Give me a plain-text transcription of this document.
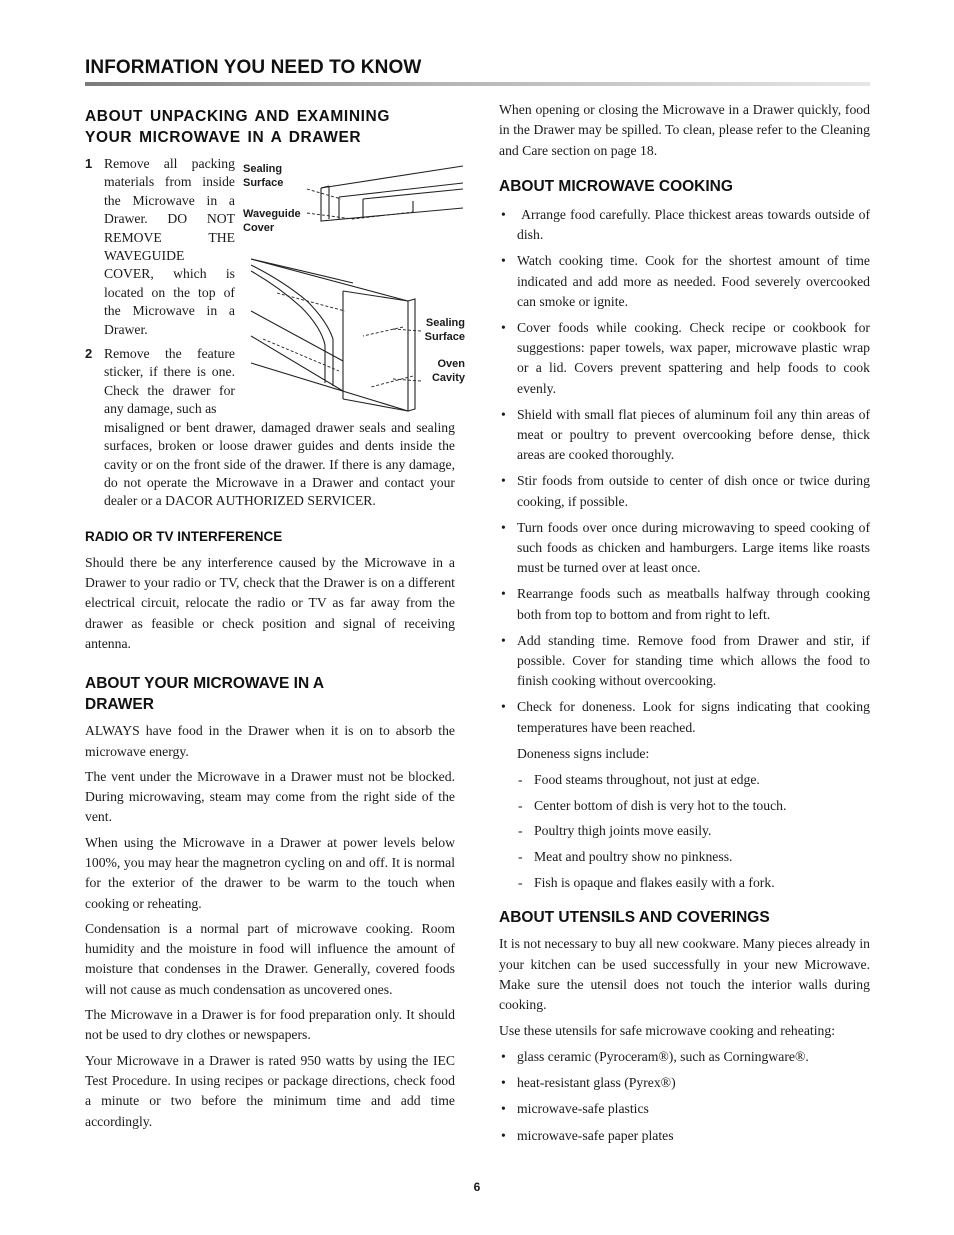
INFORMATION YOU NEED TO KNOW
ABOUT UNPACKING AND EXAMINING
YOUR MICROWAVE IN A DRAWER
1 Remove all packing materials from inside the Microwave in a Drawer. DO NOT REMOVE THE WAVEGUIDE COVER, which is located on the top of the Microwave in a Drawer.
2 Remove the feature sticker, if there is one. Check the drawer for any damage, such as
misaligned or bent drawer, damaged drawer seals and sealing surfaces, broken or loose drawer guides and dents inside the cavity or on the front side of the drawer. If there is any damage, do not operate the Microwave in a Drawer and contact your dealer or a DACOR AUTHORIZED SERVICER.
Sealing
Surface
Waveguide
Cover
Sealing
Surface
Oven
Cavity
RADIO OR TV INTERFERENCE

Should there be any interference caused by the Microwave in a Drawer to your radio or TV, check that the Drawer is on a different electrical circuit, relocate the radio or TV as far away from the drawer as feasible or check position and signal of receiving antenna.

ABOUT YOUR MICROWAVE IN A
DRAWER

ALWAYS have food in the Drawer when it is on to absorb the microwave energy.

The vent under the Microwave in a Drawer must not be blocked. During microwaving, steam may come from the right side of the vent.

When using the Microwave in a Drawer at power levels below 100%, you may hear the magnetron cycling on and off. It is normal for the exterior of the drawer to be warm to the touch when cooking or reheating.

Condensation is a normal part of microwave cooking. Room humidity and the moisture in food will influence the amount of moisture that condenses in the Drawer. Generally, covered foods will not cause as much condensation as uncovered ones.

The Microwave in a Drawer is for food preparation only. It should not be used to dry clothes or newspapers.

Your Microwave in a Drawer is rated 950 watts by using the IEC Test Procedure. In using recipes or package directions, check food a minute or two before the minimum time and add time accordingly.

When opening or closing the Microwave in a Drawer quickly, food in the Drawer may be spilled. To clean, please refer to the Cleaning and Care section on page 18.

ABOUT MICROWAVE COOKING
• Arrange food carefully. Place thickest areas towards outside of dish.
• Watch cooking time. Cook for the shortest amount of time indicated and add more as needed. Food severely overcooked can smoke or ignite.
• Cover foods while cooking. Check recipe or cookbook for suggestions: paper towels, wax paper, microwave plastic wrap or a lid. Covers prevent spattering and help foods to cook evenly.
• Shield with small flat pieces of aluminum foil any thin areas of meat or poultry to prevent overcooking before dense, thick areas are cooked thoroughly.
• Stir foods from outside to center of dish once or twice during cooking, if possible.
• Turn foods over once during microwaving to speed cooking of such foods as chicken and hamburgers. Large items like roasts must be turned over at least once.
• Rearrange foods such as meatballs halfway through cooking both from top to bottom and from right to left.
• Add standing time. Remove food from Drawer and stir, if possible. Cover for standing time which allows the food to finish cooking without overcooking.
• Check for doneness. Look for signs indicating that cooking temperatures have been reached.
Doneness signs include:
- Food steams throughout, not just at edge.
- Center bottom of dish is very hot to the touch.
- Poultry thigh joints move easily.
- Meat and poultry show no pinkness.
- Fish is opaque and flakes easily with a fork.
ABOUT UTENSILS AND COVERINGS

It is not necessary to buy all new cookware. Many pieces already in your kitchen can be used successfully in your new Microwave. Make sure the utensil does not touch the interior walls during cooking.

Use these utensils for safe microwave cooking and reheating:

• glass ceramic (Pyroceram®), such as Corningware®.
• heat-resistant glass (Pyrex®)
• microwave-safe plastics
• microwave-safe paper plates
6
